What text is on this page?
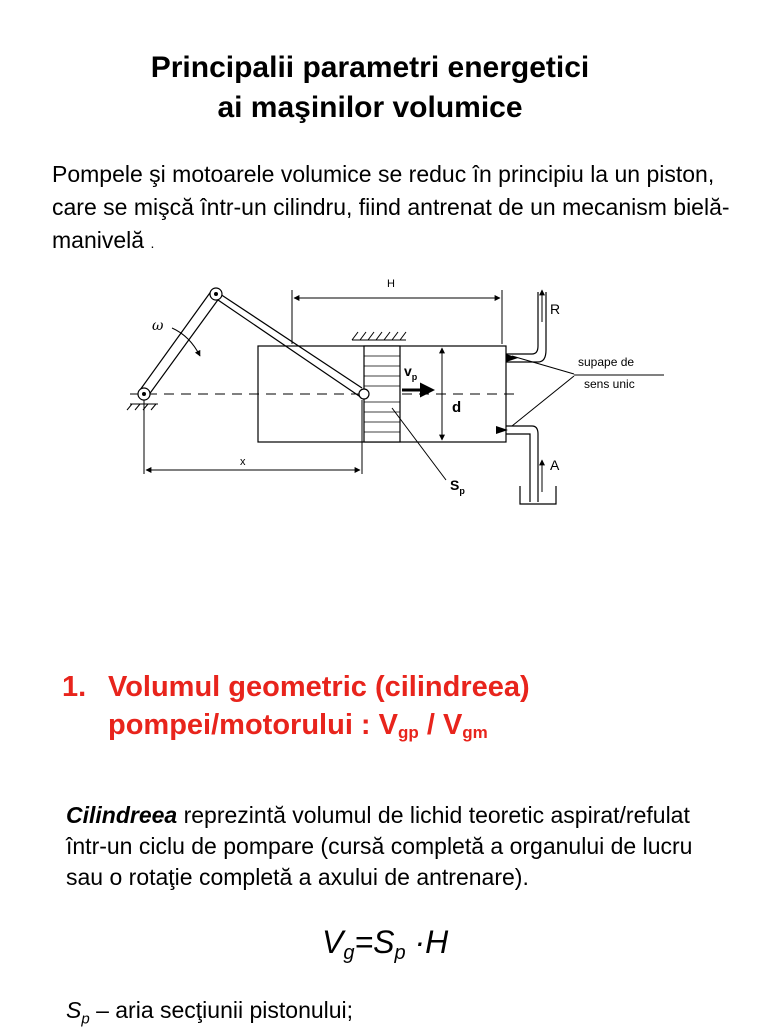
Principalii parametri energetici
ai maşinilor volumice
Pompele şi motoarele volumice se reduc în principiu la un piston, care se mişcă într-un cilindru, fiind antrenat de un mecanism bielă-manivelă .
ω
H
d
$v_p$
x
$S_p$
R
A
supape de
sens unic
1. Volumul geometric (cilindreea)
pompei/motorului : $V_{gp} / V_{gm}$
Cilindreea reprezintă volumul de lichid teoretic aspirat/refulat într-un ciclu de pompare (cursă completă a organului de lucru sau o rotaţie completă a axului de antrenare).
$V_g=S_p \cdot H$
$S_p$ – aria secţiunii pistonului;
